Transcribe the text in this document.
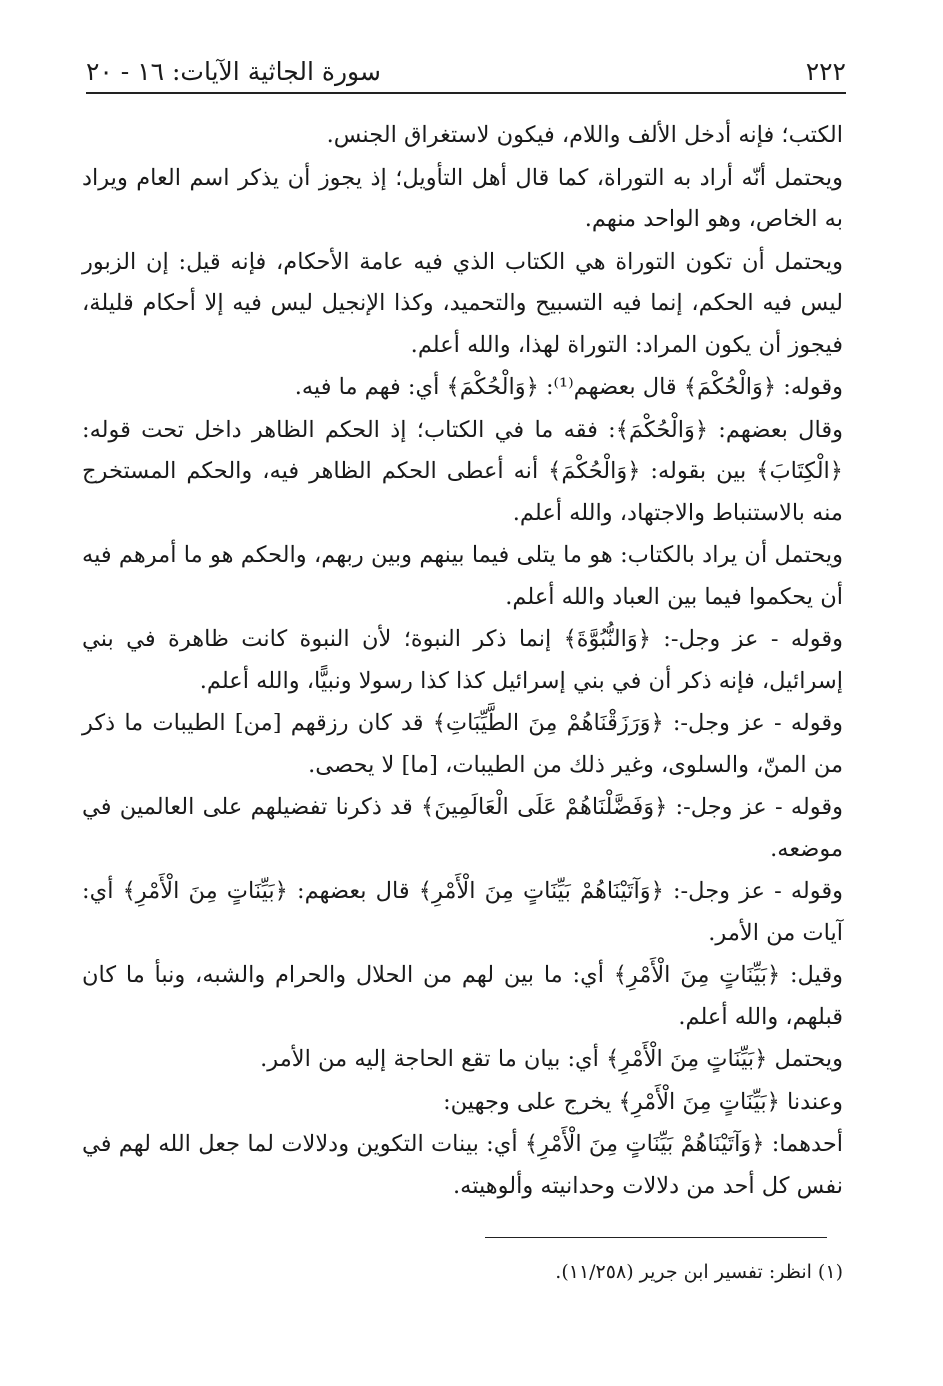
سورة الجاثية الآيات: ١٦ - ٢٠	٢٢٢

الكتب؛ فإنه أدخل الألف واللام، فيكون لاستغراق الجنس.

ويحتمل أنّه أراد به التوراة، كما قال أهل التأويل؛ إذ يجوز أن يذكر اسم العام ويراد به الخاص، وهو الواحد منهم.

ويحتمل أن تكون التوراة هي الكتاب الذي فيه عامة الأحكام، فإنه قيل: إن الزبور ليس فيه الحكم، إنما فيه التسبيح والتحميد، وكذا الإنجيل ليس فيه إلا أحكام قليلة، فيجوز أن يكون المراد: التوراة لهذا، والله أعلم.

وقوله: ﴿وَالْحُكْمَ﴾ قال بعضهم⁽¹⁾: ﴿وَالْحُكْمَ﴾ أي: فهم ما فيه.

وقال بعضهم: ﴿وَالْحُكْمَ﴾: فقه ما في الكتاب؛ إذ الحكم الظاهر داخل تحت قوله: ﴿الْكِتَابَ﴾ بين بقوله: ﴿وَالْحُكْمَ﴾ أنه أعطى الحكم الظاهر فيه، والحكم المستخرج منه بالاستنباط والاجتهاد، والله أعلم.

ويحتمل أن يراد بالكتاب: هو ما يتلى فيما بينهم وبين ربهم، والحكم هو ما أمرهم فيه أن يحكموا فيما بين العباد والله أعلم.

وقوله - عز وجل-: ﴿وَالنُّبُوَّةَ﴾ إنما ذكر النبوة؛ لأن النبوة كانت ظاهرة في بني إسرائيل، فإنه ذكر أن في بني إسرائيل كذا كذا رسولا ونبيًّا، والله أعلم.

وقوله - عز وجل-: ﴿وَرَزَقْنَاهُمْ مِنَ الطَّيِّبَاتِ﴾ قد كان رزقهم [من] الطيبات ما ذكر من المنّ، والسلوى، وغير ذلك من الطيبات، [ما] لا يحصى.

وقوله - عز وجل-: ﴿وَفَضَّلْنَاهُمْ عَلَى الْعَالَمِينَ﴾ قد ذكرنا تفضيلهم على العالمين في موضعه.

وقوله - عز وجل-: ﴿وَآتَيْنَاهُمْ بَيِّنَاتٍ مِنَ الْأَمْرِ﴾ قال بعضهم: ﴿بَيِّنَاتٍ مِنَ الْأَمْرِ﴾ أي: آيات من الأمر.

وقيل: ﴿بَيِّنَاتٍ مِنَ الْأَمْرِ﴾ أي: ما بين لهم من الحلال والحرام والشبه، ونبأ ما كان قبلهم، والله أعلم.

ويحتمل ﴿بَيِّنَاتٍ مِنَ الْأَمْرِ﴾ أي: بيان ما تقع الحاجة إليه من الأمر.

وعندنا ﴿بَيِّنَاتٍ مِنَ الْأَمْرِ﴾ يخرج على وجهين:

أحدهما: ﴿وَآتَيْنَاهُمْ بَيِّنَاتٍ مِنَ الْأَمْرِ﴾ أي: بينات التكوين ودلالات لما جعل الله لهم في نفس كل أحد من دلالات وحدانيته وألوهيته.

(١) انظر: تفسير ابن جرير (١١/٢٥٨).
